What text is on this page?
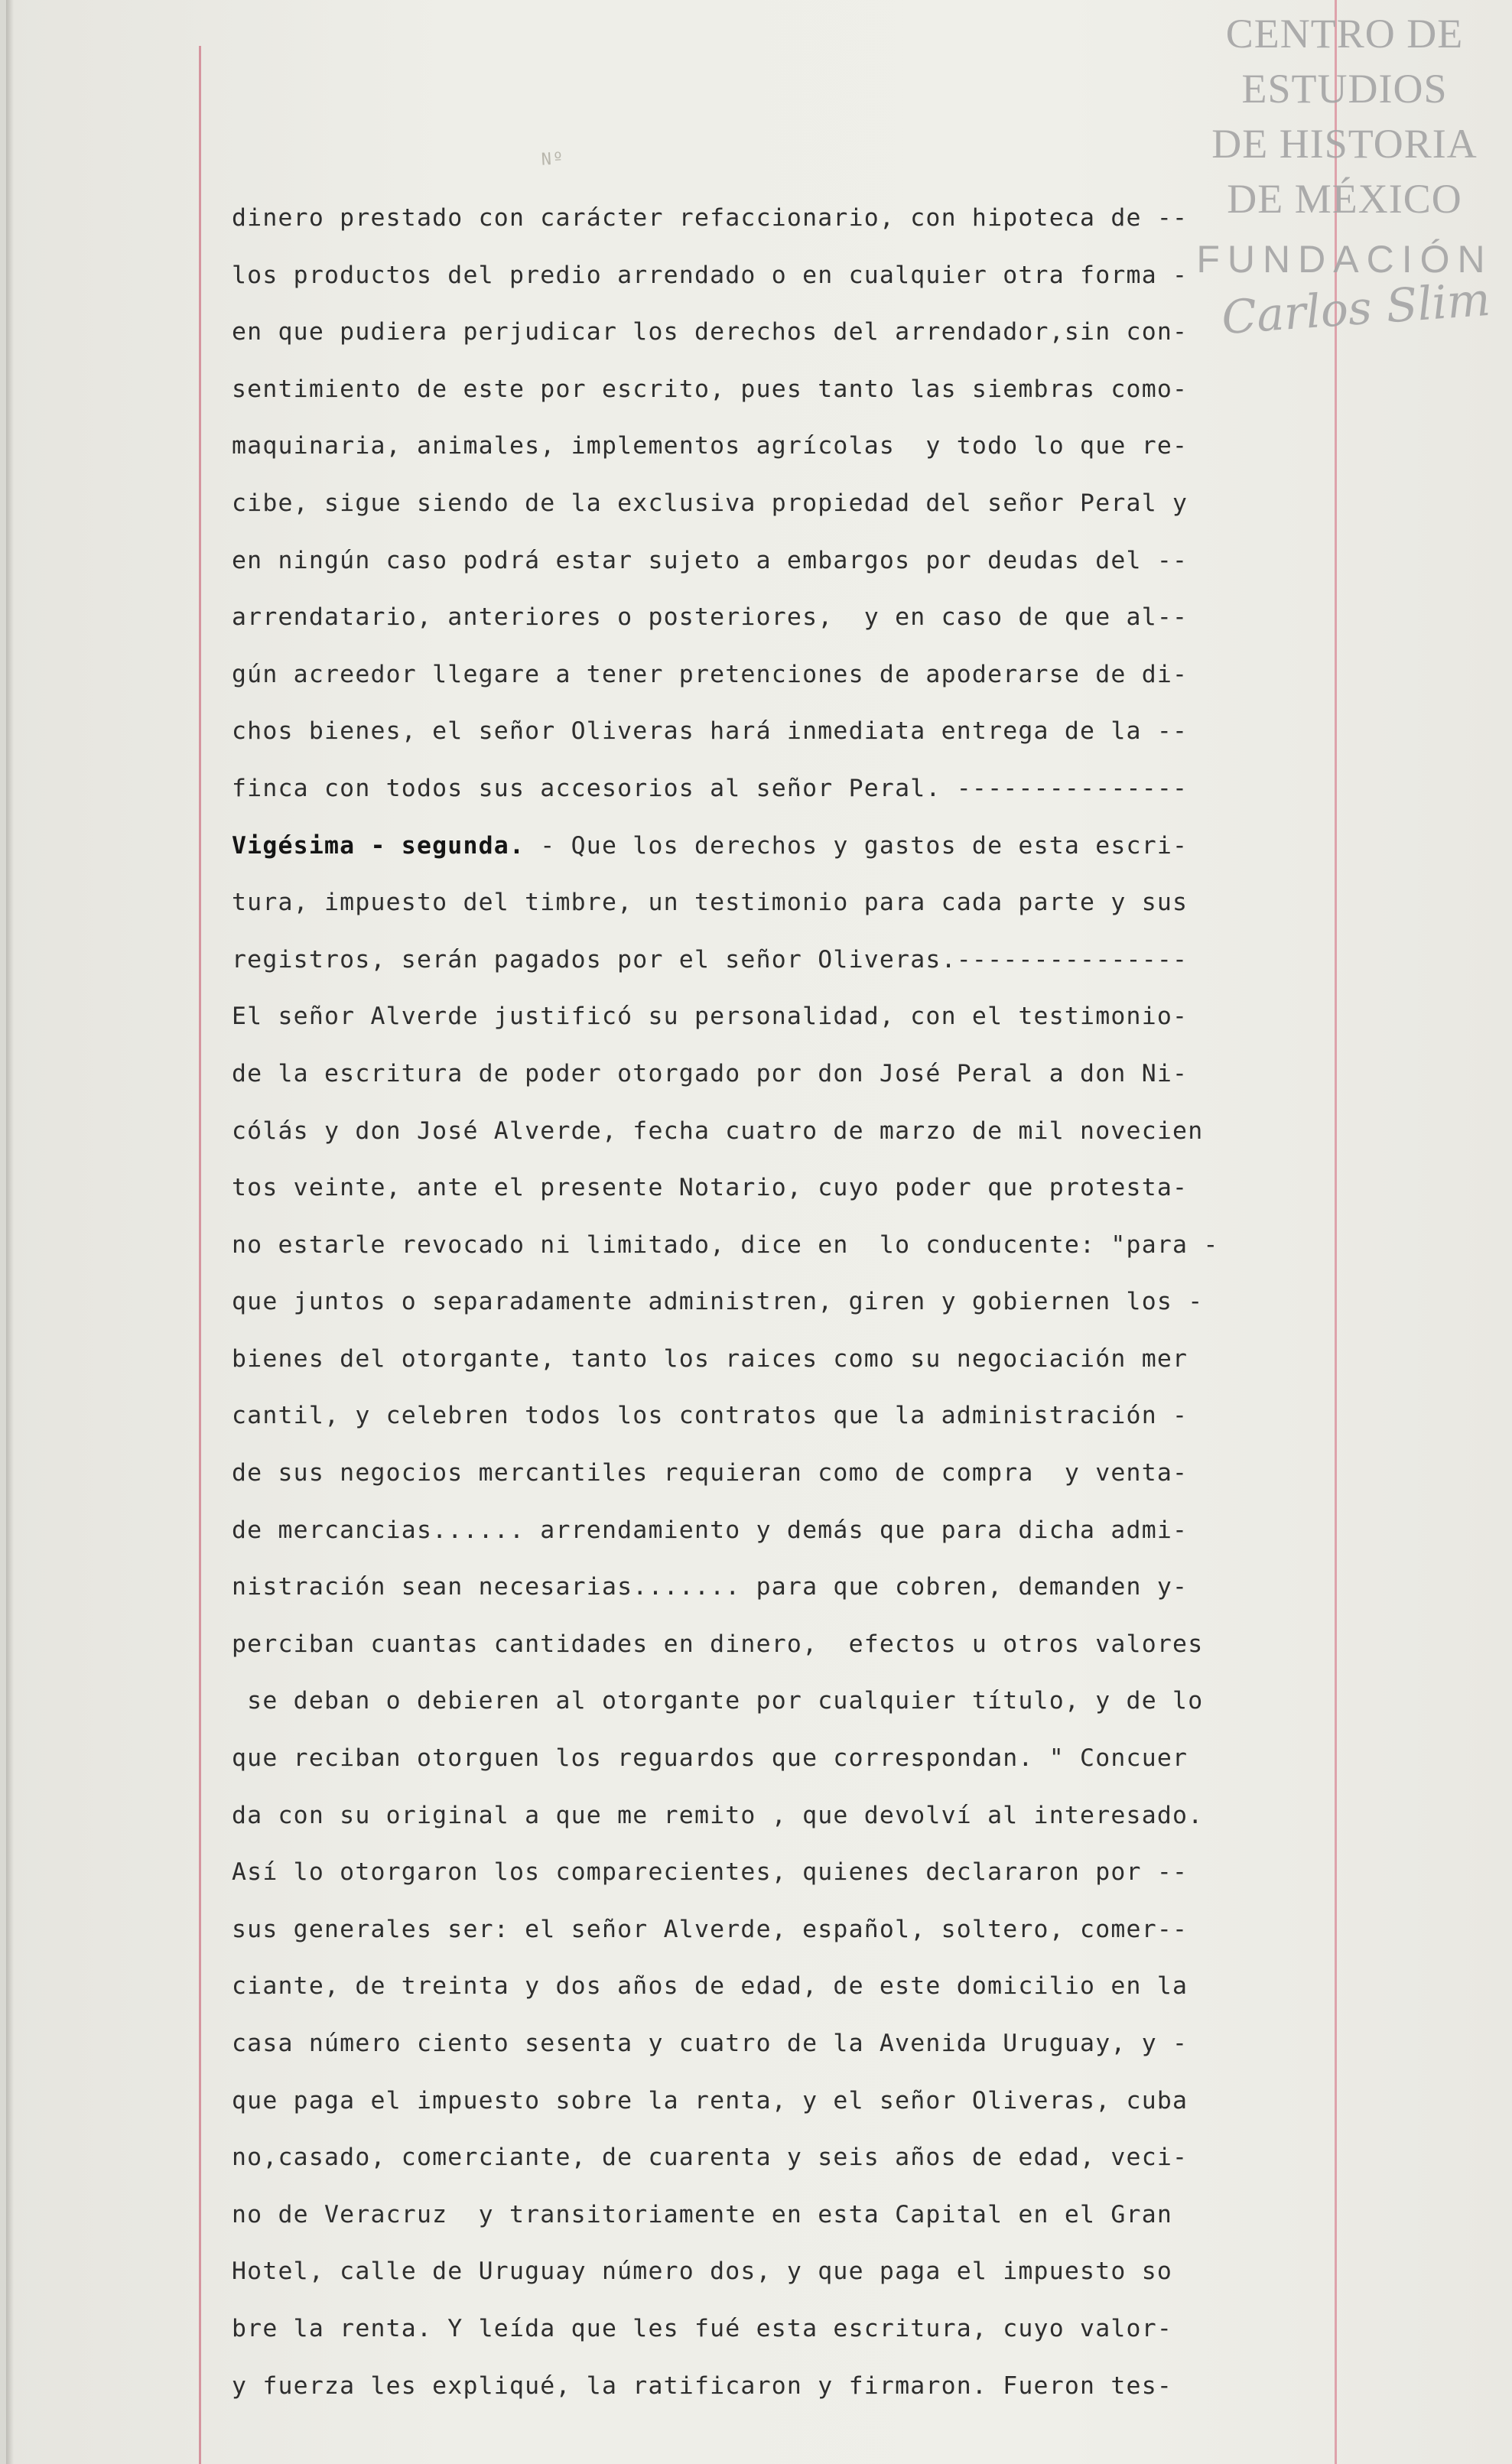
Nº
CENTRO DE
ESTUDIOS
DE HISTORIA
DE MÉXICO
FUNDACIÓN
Carlos Slim
dinero prestado con carácter refaccionario, con hipoteca de --
los productos del predio arrendado o en cualquier otra forma -
en que pudiera perjudicar los derechos del arrendador,sin con-
sentimiento de este por escrito, pues tanto las siembras como-
maquinaria, animales, implementos agrícolas  y todo lo que re-
cibe, sigue siendo de la exclusiva propiedad del señor Peral y
en ningún caso podrá estar sujeto a embargos por deudas del --
arrendatario, anteriores o posteriores,  y en caso de que al--
gún acreedor llegare a tener pretenciones de apoderarse de di-
chos bienes, el señor Oliveras hará inmediata entrega de la --
finca con todos sus accesorios al señor Peral. ---------------
Vigésima - segunda. - Que los derechos y gastos de esta escri-
tura, impuesto del timbre, un testimonio para cada parte y sus
registros, serán pagados por el señor Oliveras.---------------
El señor Alverde justificó su personalidad, con el testimonio-
de la escritura de poder otorgado por don José Peral a don Ni-
cólás y don José Alverde, fecha cuatro de marzo de mil novecien
tos veinte, ante el presente Notario, cuyo poder que protesta-
no estarle revocado ni limitado, dice en  lo conducente: "para -
que juntos o separadamente administren, giren y gobiernen los -
bienes del otorgante, tanto los raices como su negociación mer
cantil, y celebren todos los contratos que la administración -
de sus negocios mercantiles requieran como de compra  y venta-
de mercancias...... arrendamiento y demás que para dicha admi-
nistración sean necesarias....... para que cobren, demanden y-
perciban cuantas cantidades en dinero,  efectos u otros valores
se deban o debieren al otorgante por cualquier título, y de lo
que reciban otorguen los reguardos que correspondan. " Concuer
da con su original a que me remito , que devolví al interesado.
Así lo otorgaron los comparecientes, quienes declararon por --
sus generales ser: el señor Alverde, español, soltero, comer--
ciante, de treinta y dos años de edad, de este domicilio en la
casa número ciento sesenta y cuatro de la Avenida Uruguay, y -
que paga el impuesto sobre la renta, y el señor Oliveras, cuba
no,casado, comerciante, de cuarenta y seis años de edad, veci-
no de Veracruz  y transitoriamente en esta Capital en el Gran
Hotel, calle de Uruguay número dos, y que paga el impuesto so
bre la renta. Y leída que les fué esta escritura, cuyo valor-
y fuerza les expliqué, la ratificaron y firmaron. Fueron tes-
